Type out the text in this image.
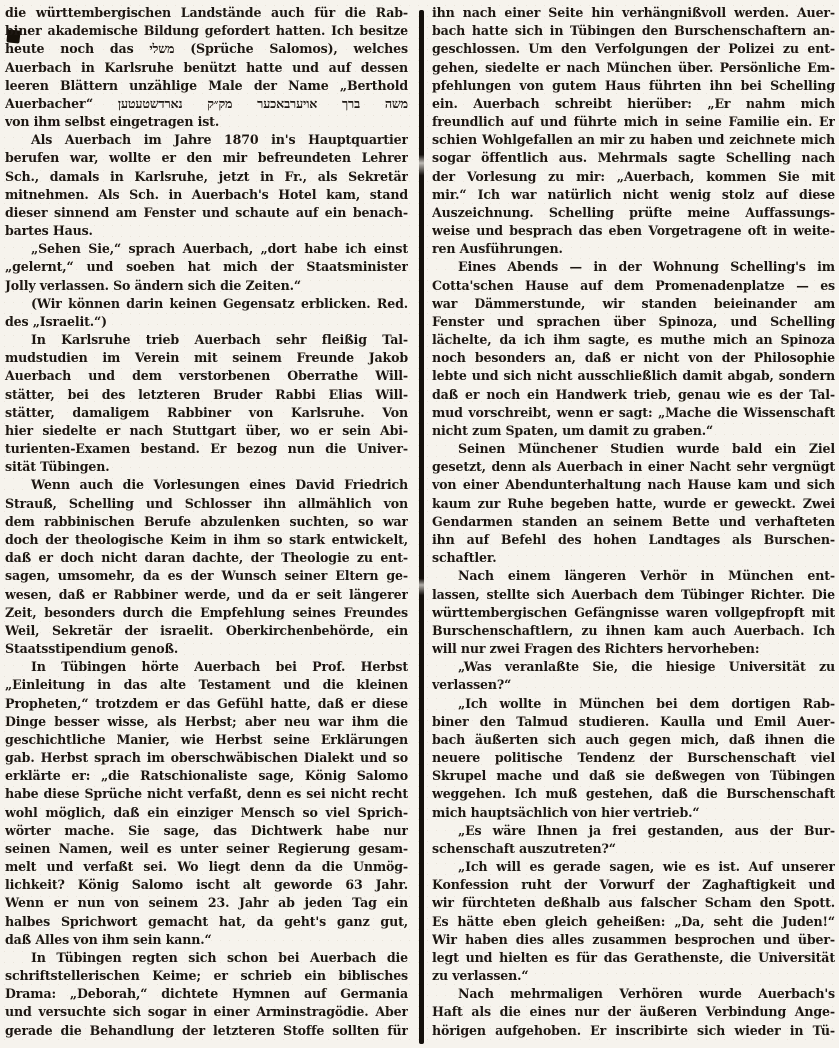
die württembergischen Landstände auch für die Rab-
biner akademische Bildung gefordert hatten. Ich besitze
heute noch das משלי (Sprüche Salomos), welches
Auerbach in Karlsruhe benützt hatte und auf dessen
leeren Blättern unzählige Male der Name „Berthold
Auerbacher“ משה ברך אויערבאכער מק״ק נארדשטעטען
von ihm selbst eingetragen ist.
Als Auerbach im Jahre 1870 in's Hauptquartier
berufen war, wollte er den mir befreundeten Lehrer
Sch., damals in Karlsruhe, jetzt in Fr., als Sekretär
mitnehmen. Als Sch. in Auerbach's Hotel kam, stand
dieser sinnend am Fenster und schaute auf ein benach-
bartes Haus.
„Sehen Sie,“ sprach Auerbach, „dort habe ich einst
„gelernt,“ und soeben hat mich der Staatsminister
Jolly verlassen. So ändern sich die Zeiten.“
(Wir können darin keinen Gegensatz erblicken. Red.
des „Israelit.“)
In Karlsruhe trieb Auerbach sehr fleißig Tal-
mudstudien im Verein mit seinem Freunde Jakob
Auerbach und dem verstorbenen Oberrathe Will-
stätter, bei des letzteren Bruder Rabbi Elias Will-
stätter, damaligem Rabbiner von Karlsruhe. Von
hier siedelte er nach Stuttgart über, wo er sein Abi-
turienten-Examen bestand. Er bezog nun die Univer-
sität Tübingen.
Wenn auch die Vorlesungen eines David Friedrich
Strauß, Schelling und Schlosser ihn allmählich von
dem rabbinischen Berufe abzulenken suchten, so war
doch der theologische Keim in ihm so stark entwickelt,
daß er doch nicht daran dachte, der Theologie zu ent-
sagen, umsomehr, da es der Wunsch seiner Eltern ge-
wesen, daß er Rabbiner werde, und da er seit längerer
Zeit, besonders durch die Empfehlung seines Freundes
Weil, Sekretär der israelit. Oberkirchenbehörde, ein
Staatsstipendium genoß.
In Tübingen hörte Auerbach bei Prof. Herbst
„Einleitung in das alte Testament und die kleinen
Propheten,“ trotzdem er das Gefühl hatte, daß er diese
Dinge besser wisse, als Herbst; aber neu war ihm die
geschichtliche Manier, wie Herbst seine Erklärungen
gab. Herbst sprach im oberschwäbischen Dialekt und so
erklärte er: „die Ratschionaliste sage, König Salomo
habe diese Sprüche nicht verfaßt, denn es sei nicht recht
wohl möglich, daß ein einziger Mensch so viel Sprich-
wörter mache. Sie sage, das Dichtwerk habe nur
seinen Namen, weil es unter seiner Regierung gesam-
melt und verfaßt sei. Wo liegt denn da die Unmög-
lichkeit? König Salomo ischt alt geworde 63 Jahr.
Wenn er nun von seinem 23. Jahr ab jeden Tag ein
halbes Sprichwort gemacht hat, da geht's ganz gut,
daß Alles von ihm sein kann.“
In Tübingen regten sich schon bei Auerbach die
schriftstellerischen Keime; er schrieb ein biblisches
Drama: „Deborah,“ dichtete Hymnen auf Germania
und versuchte sich sogar in einer Arminstragödie. Aber
gerade die Behandlung der letzteren Stoffe sollten für
ihn nach einer Seite hin verhängnißvoll werden. Auer-
bach hatte sich in Tübingen den Burschenschaftern an-
geschlossen. Um den Verfolgungen der Polizei zu ent-
gehen, siedelte er nach München über. Persönliche Em-
pfehlungen von gutem Haus führten ihn bei Schelling
ein. Auerbach schreibt hierüber: „Er nahm mich
freundlich auf und führte mich in seine Familie ein. Er
schien Wohlgefallen an mir zu haben und zeichnete mich
sogar öffentlich aus. Mehrmals sagte Schelling nach
der Vorlesung zu mir: „Auerbach, kommen Sie mit
mir.“ Ich war natürlich nicht wenig stolz auf diese
Auszeichnung. Schelling prüfte meine Auffassungs-
weise und besprach das eben Vorgetragene oft in weite-
ren Ausführungen.
Eines Abends — in der Wohnung Schelling's im
Cotta'schen Hause auf dem Promenadenplatze — es
war Dämmerstunde, wir standen beieinander am
Fenster und sprachen über Spinoza, und Schelling
lächelte, da ich ihm sagte, es muthe mich an Spinoza
noch besonders an, daß er nicht von der Philosophie
lebte und sich nicht ausschließlich damit abgab, sondern
daß er noch ein Handwerk trieb, genau wie es der Tal-
mud vorschreibt, wenn er sagt: „Mache die Wissenschaft
nicht zum Spaten, um damit zu graben.“
Seinen Münchener Studien wurde bald ein Ziel
gesetzt, denn als Auerbach in einer Nacht sehr vergnügt
von einer Abendunterhaltung nach Hause kam und sich
kaum zur Ruhe begeben hatte, wurde er geweckt. Zwei
Gendarmen standen an seinem Bette und verhafteten
ihn auf Befehl des hohen Landtages als Burschen-
schaftler.
Nach einem längeren Verhör in München ent-
lassen, stellte sich Auerbach dem Tübinger Richter. Die
württembergischen Gefängnisse waren vollgepfropft mit
Burschenschaftlern, zu ihnen kam auch Auerbach. Ich
will nur zwei Fragen des Richters hervorheben:
„Was veranlaßte Sie, die hiesige Universität zu
verlassen?“
„Ich wollte in München bei dem dortigen Rab-
biner den Talmud studieren. Kaulla und Emil Auer-
bach äußerten sich auch gegen mich, daß ihnen die
neuere politische Tendenz der Burschenschaft viel
Skrupel mache und daß sie deßwegen von Tübingen
weggehen. Ich muß gestehen, daß die Burschenschaft
mich hauptsächlich von hier vertrieb.“
„Es wäre Ihnen ja frei gestanden, aus der Bur-
schenschaft auszutreten?“
„Ich will es gerade sagen, wie es ist. Auf unserer
Konfession ruht der Vorwurf der Zaghaftigkeit und
wir fürchteten deßhalb aus falscher Scham den Spott.
Es hätte eben gleich geheißen: „Da, seht die Juden!“
Wir haben dies alles zusammen besprochen und über-
legt und hielten es für das Gerathenste, die Universität
zu verlassen.“
Nach mehrmaligen Verhören wurde Auerbach's
Haft als die eines nur der äußeren Verbindung Ange-
hörigen aufgehoben. Er inscribirte sich wieder in Tü-
